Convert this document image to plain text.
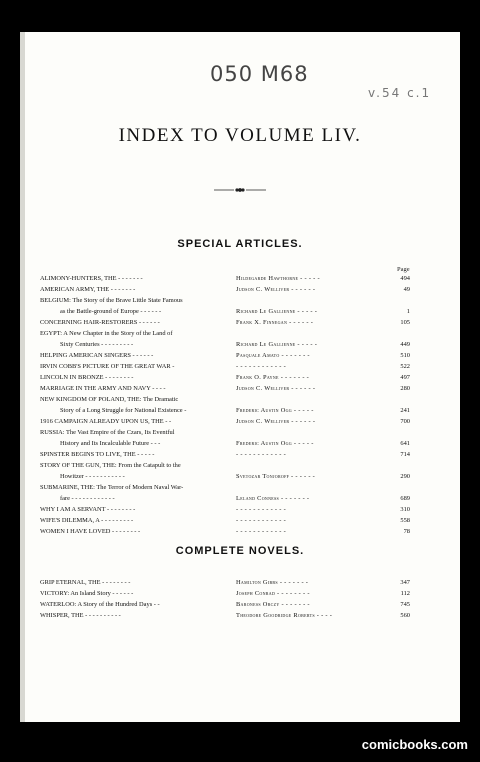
050 M68
v.54 c.1
INDEX TO VOLUME LIV.
SPECIAL ARTICLES.
Page
ALIMONY-HUNTERS, THE - - - - - - -	Hildegarde Hawthorne - - - - -	494
AMERICAN ARMY, THE - - - - - - -	Judson C. Welliver - - - - - -	49
BELGIUM: The Story of the Brave Little State Famous
as the Battle-ground of Europe - - - - - -	Richard Le Gallienne - - - - -	1
CONCERNING HAIR-RESTORERS - - - - - -	Frank X. Finnegan - - - - - -	105
EGYPT: A New Chapter in the Story of the Land of
Sixty Centuries - - - - - - - - -	Richard Le Gallienne - - - - -	449
HELPING AMERICAN SINGERS - - - - - -	Pasquale Amato - - - - - - -	510
IRVIN COBB'S PICTURE OF THE GREAT WAR -	- - - - - - - - - - - -	522
LINCOLN IN BRONZE - - - - - - - -	Frank O. Payne - - - - - - -	497
MARRIAGE IN THE ARMY AND NAVY - - - -	Judson C. Welliver - - - - - -	280
NEW KINGDOM OF POLAND, THE: The Dramatic
Story of a Long Struggle for National Existence -	Frederic Austin Ogg - - - - -	241
1916 CAMPAIGN ALREADY UPON US, THE - -	Judson C. Welliver - - - - - -	700
RUSSIA: The Vast Empire of the Czars, Its Eventful
History and Its Incalculable Future - - -	Frederic Austin Ogg - - - - -	641
SPINSTER BEGINS TO LIVE, THE - - - - -	- - - - - - - - - - - -	714
STORY OF THE GUN, THE: From the Catapult to the
Howitzer - - - - - - - - - - -	Svetozar Tonjoroff - - - - - -	290
SUBMARINE, THE: The Terror of Modern Naval War-
fare - - - - - - - - - - - -	Leland Conness - - - - - - -	689
WHY I AM A SERVANT - - - - - - - -	- - - - - - - - - - - -	310
WIFE'S DILEMMA, A - - - - - - - - -	- - - - - - - - - - - -	558
WOMEN I HAVE LOVED - - - - - - - -	- - - - - - - - - - - -	78
COMPLETE NOVELS.
GRIP ETERNAL, THE - - - - - - - -	Hamilton Gibbs - - - - - - -	347
VICTORY: An Island Story - - - - - -	Joseph Conrad - - - - - - - -	112
WATERLOO: A Story of the Hundred Days - -	Baroness Orczy - - - - - - -	745
WHISPER, THE - - - - - - - - - -	Theodore Goodridge Roberts - - - -	560
comicbooks.com
